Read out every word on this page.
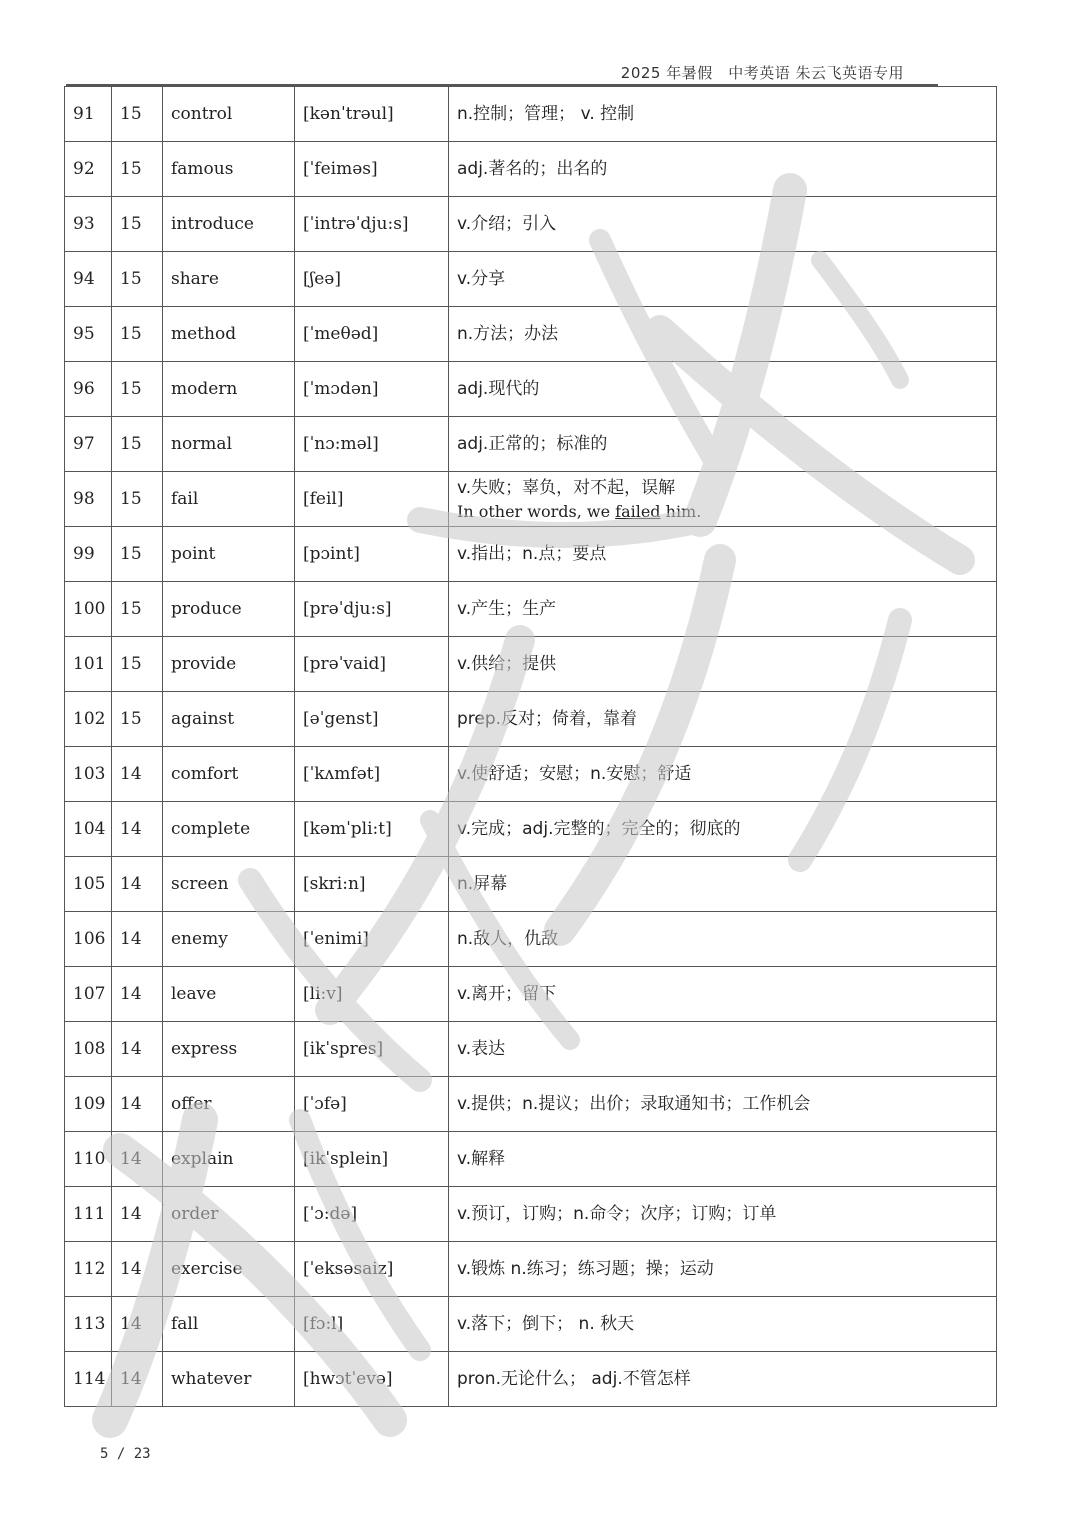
2025 年暑假　中考英语 朱云飞英语专用
91	15	control	[kənˈtrəul]	n.控制；管理； v. 控制

92	15	famous	[ˈfeiməs]	adj.著名的；出名的

93	15	introduce	[ˈintrəˈdju:s]	v.介绍；引入

94	15	share	[ʃeə]	v.分享

95	15	method	[ˈmeθəd]	n.方法；办法

96	15	modern	[ˈmɔdən]	adj.现代的

97	15	normal	[ˈnɔ:məl]	adj.正常的；标准的

98	15	fail	[feil]	v.失败；辜负，对不起，误解
In other words, we failed him.

99	15	point	[pɔint]	v.指出；n.点；要点

100	15	produce	[prəˈdju:s]	v.产生；生产

101	15	provide	[prəˈvaid]	v.供给；提供

102	15	against	[əˈgenst]	prep.反对；倚着，靠着

103	14	comfort	[ˈkʌmfət]	v.使舒适；安慰；n.安慰；舒适

104	14	complete	[kəmˈpli:t]	v.完成；adj.完整的；完全的；彻底的

105	14	screen	[skri:n]	n.屏幕

106	14	enemy	[ˈenimi]	n.敌人，仇敌

107	14	leave	[li:v]	v.离开；留下

108	14	express	[ikˈspres]	v.表达

109	14	offer	[ˈɔfə]	v.提供；n.提议；出价；录取通知书；工作机会

110	14	explain	[ikˈsplein]	v.解释

111	14	order	[ˈɔ:də]	v.预订，订购；n.命令；次序；订购；订单

112	14	exercise	[ˈeksəsaiz]	v.锻炼 n.练习；练习题；操；运动

113	14	fall	[fɔ:l]	v.落下；倒下； n. 秋天

114	14	whatever	[hwɔtˈevə]	pron.无论什么； adj.不管怎样
5 / 23
